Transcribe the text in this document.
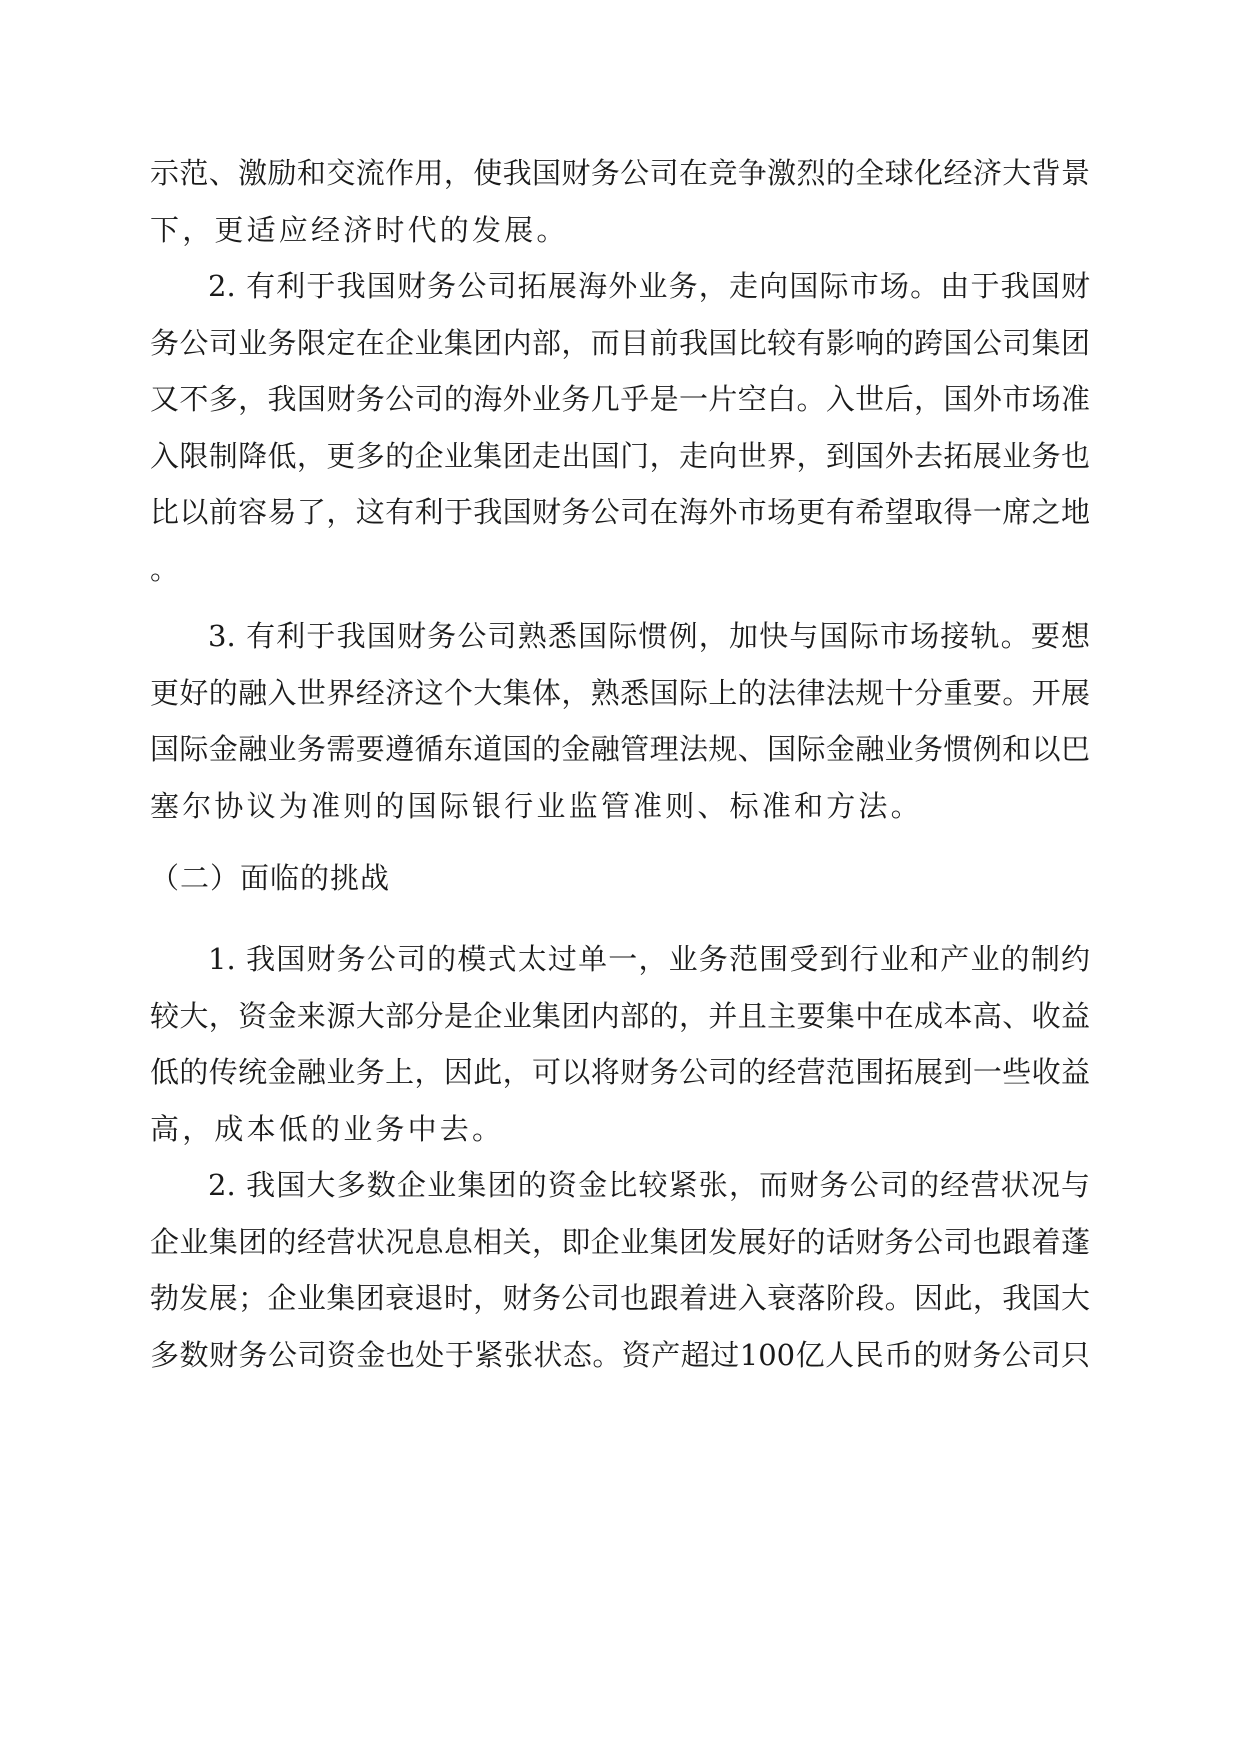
示范、激励和交流作用，使我国财务公司在竞争激烈的全球化经济大背景
下，更适应经济时代的发展。
2. 有利于我国财务公司拓展海外业务，走向国际市场。由于我国财
务公司业务限定在企业集团内部，而目前我国比较有影响的跨国公司集团
又不多，我国财务公司的海外业务几乎是一片空白。入世后，国外市场准
入限制降低，更多的企业集团走出国门，走向世界，到国外去拓展业务也
比以前容易了，这有利于我国财务公司在海外市场更有希望取得一席之地
。
3. 有利于我国财务公司熟悉国际惯例，加快与国际市场接轨。要想
更好的融入世界经济这个大集体，熟悉国际上的法律法规十分重要。开展
国际金融业务需要遵循东道国的金融管理法规、国际金融业务惯例和以巴
塞尔协议为准则的国际银行业监管准则、标准和方法。
（二）面临的挑战
1. 我国财务公司的模式太过单一，业务范围受到行业和产业的制约
较大，资金来源大部分是企业集团内部的，并且主要集中在成本高、收益
低的传统金融业务上，因此，可以将财务公司的经营范围拓展到一些收益
高，成本低的业务中去。
2. 我国大多数企业集团的资金比较紧张，而财务公司的经营状况与
企业集团的经营状况息息相关，即企业集团发展好的话财务公司也跟着蓬
勃发展；企业集团衰退时，财务公司也跟着进入衰落阶段。因此，我国大
多数财务公司资金也处于紧张状态。资产超过100亿人民币的财务公司只
